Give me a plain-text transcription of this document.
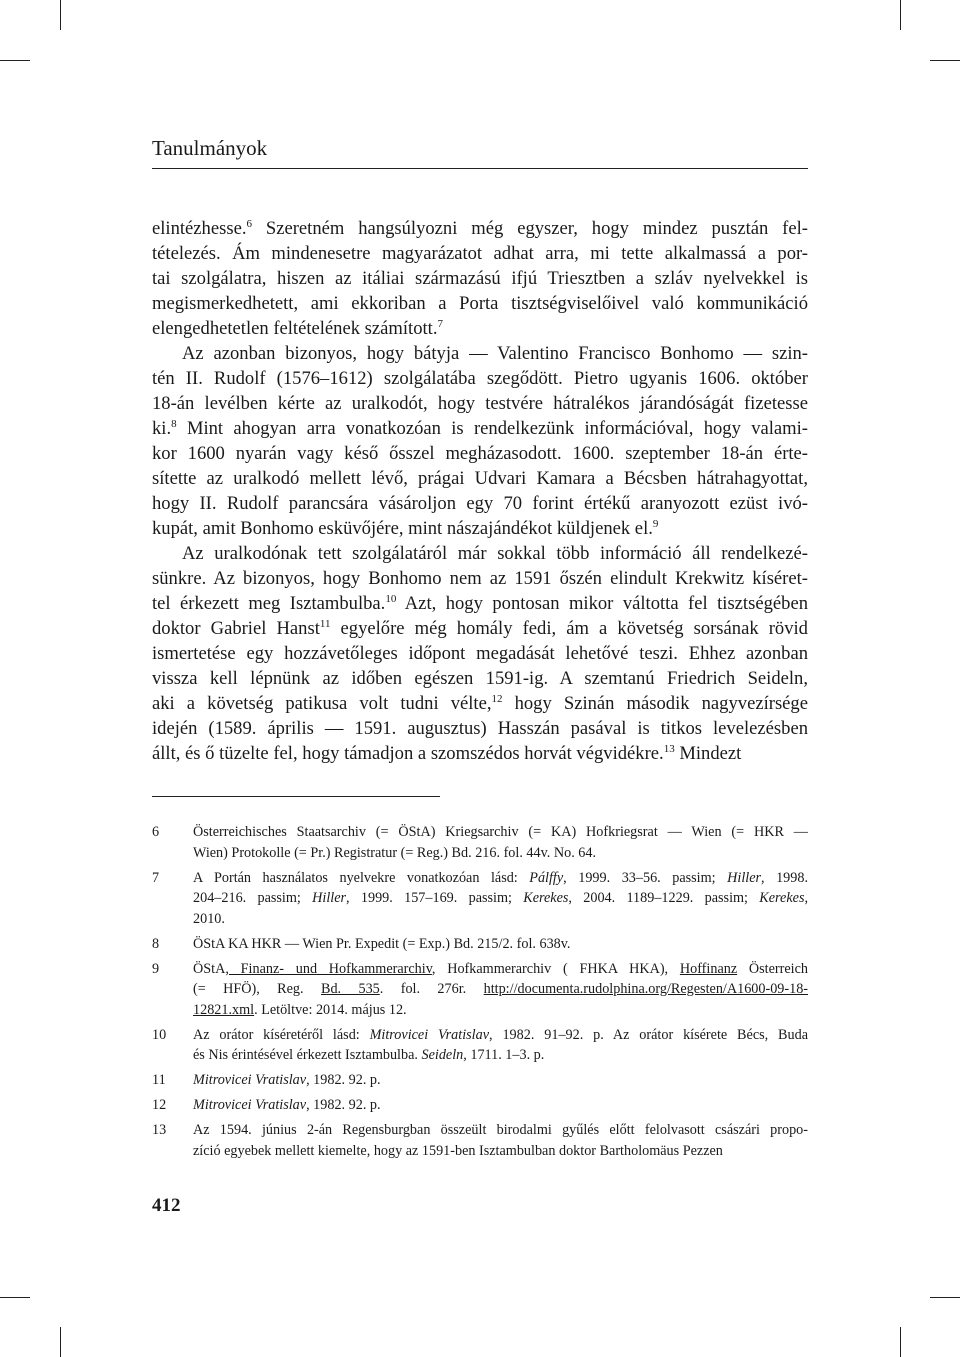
Tanulmányok
elintézhesse.$^6$ Szeretném hangsúlyozni még egyszer, hogy mindez pusztán fel-
tételezés. Ám mindenesetre magyarázatot adhat arra, mi tette alkalmassá a por-
tai szolgálatra, hiszen az itáliai származású ifjú Triesztben a szláv nyelvekkel is
megismerkedhetett, ami ekkoriban a Porta tisztségviselőivel való kommunikáció
elengedhetetlen feltételének számított.$^7$
Az azonban bizonyos, hogy bátyja — Valentino Francisco Bonhomo — szin-
tén II. Rudolf (1576–1612) szolgálatába szegődött. Pietro ugyanis 1606. október
18-án levélben kérte az uralkodót, hogy testvére hátralékos járandóságát fizetesse
ki.$^8$ Mint ahogyan arra vonatkozóan is rendelkezünk információval, hogy valami-
kor 1600 nyarán vagy késő ősszel megházasodott. 1600. szeptember 18-án érte-
sítette az uralkodó mellett lévő, prágai Udvari Kamara a Bécsben hátrahagyottat,
hogy II. Rudolf parancsára vásároljon egy 70 forint értékű aranyozott ezüst ivó-
kupát, amit Bonhomo esküvőjére, mint nászajándékot küldjenek el.$^9$
Az uralkodónak tett szolgálatáról már sokkal több információ áll rendelkezé-
sünkre. Az bizonyos, hogy Bonhomo nem az 1591 őszén elindult Krekwitz kíséret-
tel érkezett meg Isztambulba.$^{10}$ Azt, hogy pontosan mikor váltotta fel tisztségében
doktor Gabriel Hanst$^{11}$ egyelőre még homály fedi, ám a követség sorsának rövid
ismertetése egy hozzávetőleges időpont megadását lehetővé teszi. Ehhez azonban
vissza kell lépnünk az időben egészen 1591-ig. A szemtanú Friedrich Seideln,
aki a követség patikusa volt tudni vélte,$^{12}$ hogy Szinán második nagyvezírsége
idején (1589. április — 1591. augusztus) Hasszán pasával is titkos levelezésben
állt, és ő tüzelte fel, hogy támadjon a szomszédos horvát végvidékre.$^{13}$ Mindezt
6	Österreichisches Staatsarchiv (= ÖStA) Kriegsarchiv (= KA) Hofkriegsrat — Wien (= HKR —
Wien) Protokolle (= Pr.) Registratur (= Reg.) Bd. 216. fol. 44v. No. 64.
7	A Portán használatos nyelvekre vonatkozóan lásd: Pálffy, 1999. 33–56. passim; Hiller, 1998.
204–216. passim; Hiller, 1999. 157–169. passim; Kerekes, 2004. 1189–1229. passim; Kerekes,
2010.
8	ÖStA KA HKR — Wien Pr. Expedit (= Exp.) Bd. 215/2. fol. 638v.
9	ÖStA, Finanz- und Hofkammerarchiv, Hofkammerarchiv ( FHKA HKA), Hoffinanz Österreich
(= HFÖ), Reg. Bd. 535. fol. 276r. http://documenta.rudolphina.org/Regesten/A1600-09-18-
12821.xml. Letöltve: 2014. május 12.
10	Az orátor kíséretéről lásd: Mitrovicei Vratislav, 1982. 91–92. p. Az orátor kísérete Bécs, Buda
és Nis érintésével érkezett Isztambulba. Seideln, 1711. 1–3. p.
11	Mitrovicei Vratislav, 1982. 92. p.
12	Mitrovicei Vratislav, 1982. 92. p.
13	Az 1594. június 2-án Regensburgban összeült birodalmi gyűlés előtt felolvasott császári propo-
zíció egyebek mellett kiemelte, hogy az 1591-ben Isztambulban doktor Bartholomäus Pezzen
412
